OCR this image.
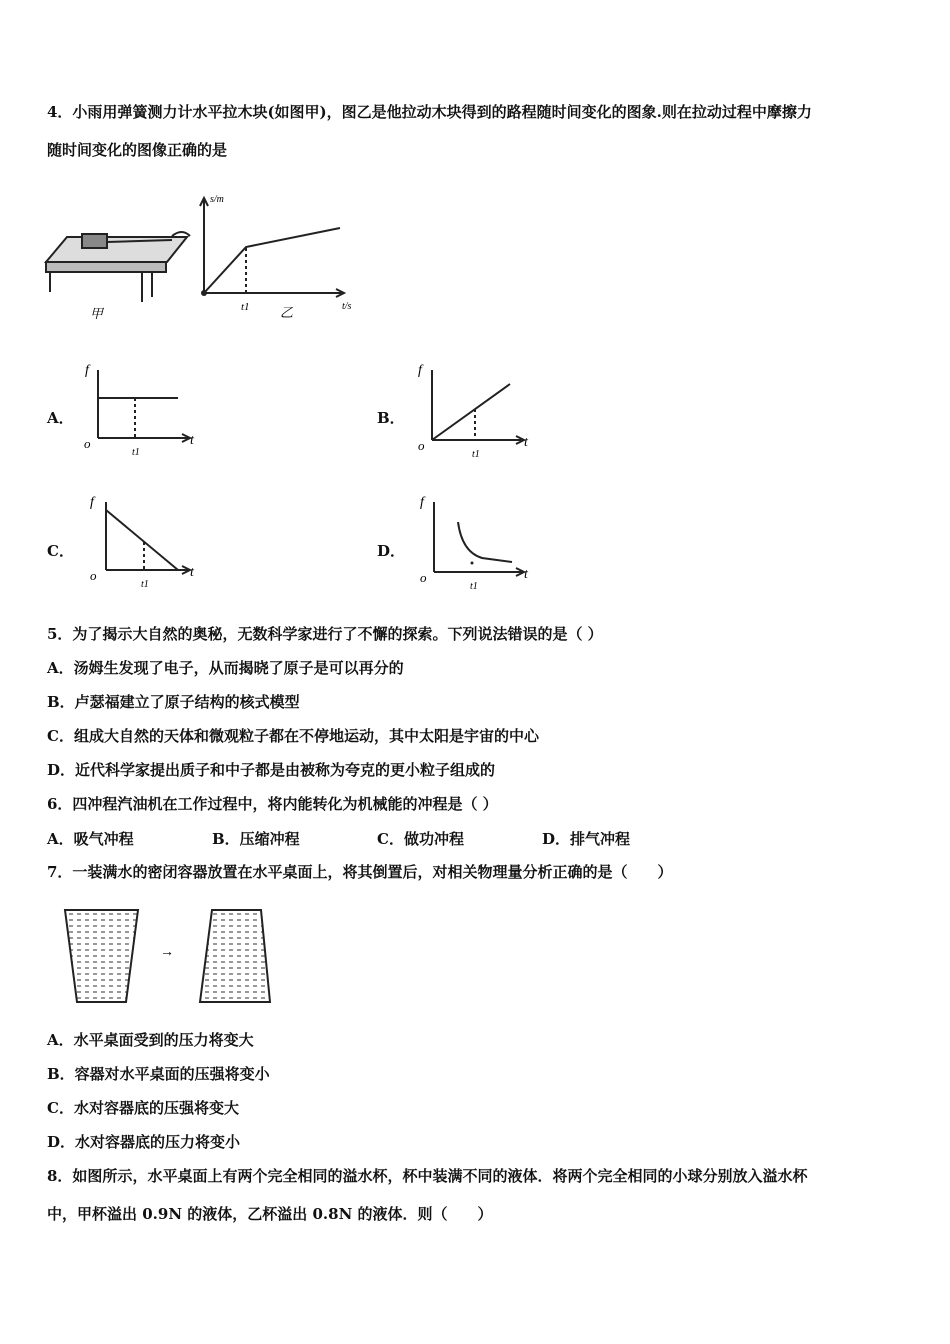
4．小雨用弹簧测力计水平拉木块(如图甲)，图乙是他拉动木块得到的路程随时间变化的图象.则在拉动过程中摩擦力
随时间变化的图像正确的是
甲
s/m
t/s
t1 乙
A．
f
o	t
t1
B．
f
o	t
t1
C．
f
o	t
t1
D．
f
o	t
t1
5．为了揭示大自然的奥秘，无数科学家进行了不懈的探索。下列说法错误的是（ ）
A．汤姆生发现了电子，从而揭晓了原子是可以再分的
B．卢瑟福建立了原子结构的核式模型
C．组成大自然的天体和微观粒子都在不停地运动，其中太阳是宇宙的中心
D．近代科学家提出质子和中子都是由被称为夸克的更小粒子组成的
6．四冲程汽油机在工作过程中，将内能转化为机械能的冲程是（ ）
A．吸气冲程	B．压缩冲程	C．做功冲程	D．排气冲程
7．一装满水的密闭容器放置在水平桌面上，将其倒置后，对相关物理量分析正确的是（　　）
→
A．水平桌面受到的压力将变大
B．容器对水平桌面的压强将变小
C．水对容器底的压强将变大
D．水对容器底的压力将变小
8．如图所示，水平桌面上有两个完全相同的溢水杯，杯中装满不同的液体．将两个完全相同的小球分别放入溢水杯
中，甲杯溢出 0.9N 的液体，乙杯溢出 0.8N 的液体．则（　　）
